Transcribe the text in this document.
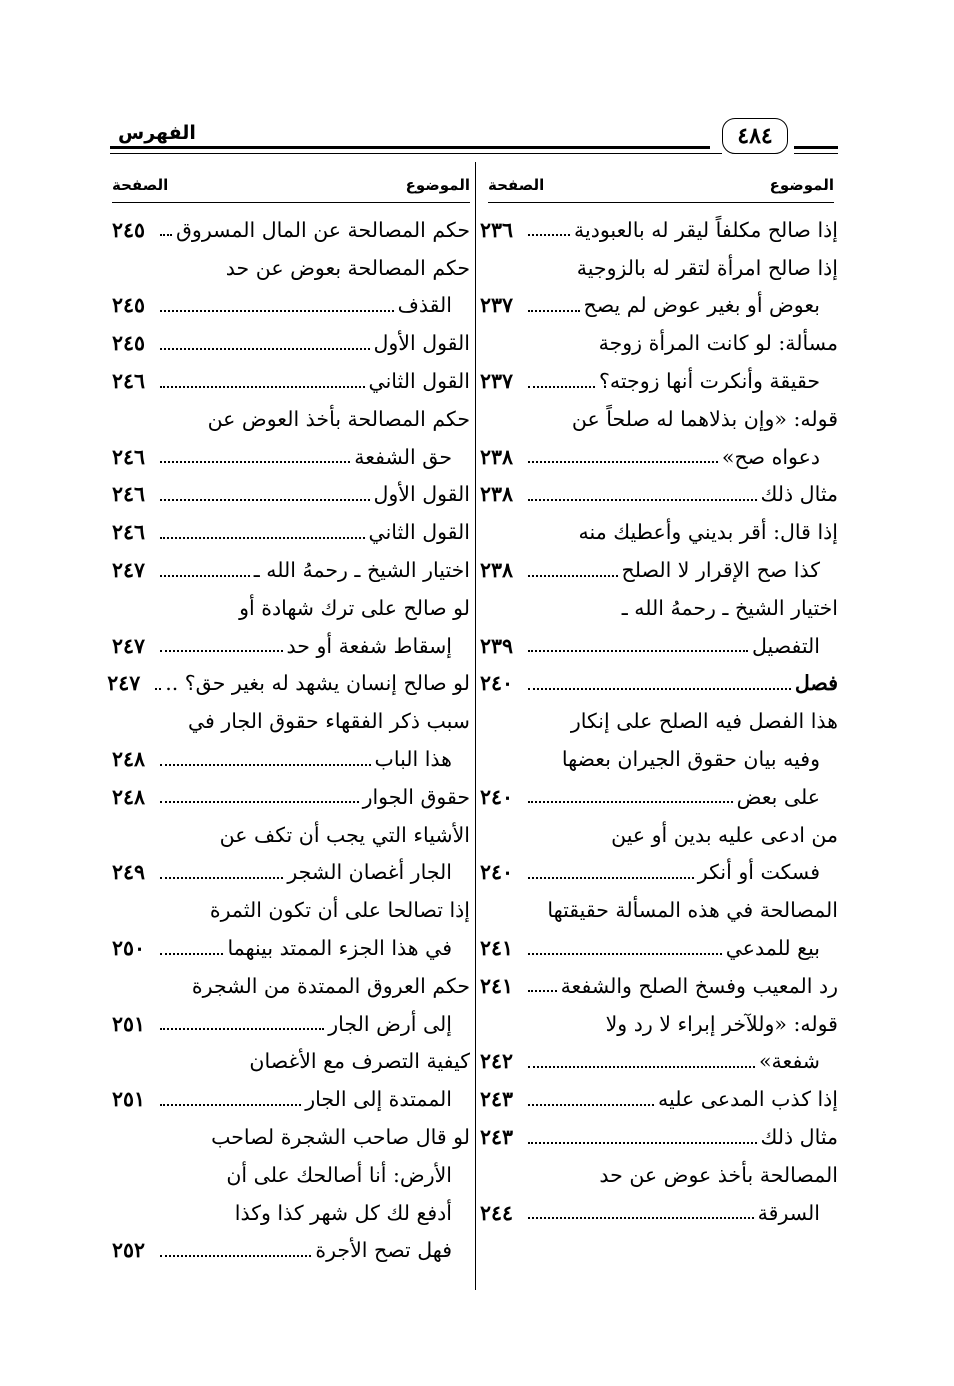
الفهرس	٤٨٤
الموضوع
الصفحة
إذا صالح مكلفاً ليقر له بالعبودية
٢٣٦
إذا صالح امرأة لتقر له بالزوجية
بعوض أو بغير عوض لم يصح
٢٣٧
مسألة: لو كانت المرأة زوجة
حقيقة وأنكرت أنها زوجته؟
٢٣٧
قوله: «وإن بذلاهما له صلحاً عن
دعواه صح»
٢٣٨
مثال ذلك
٢٣٨
إذا قال: أقر بديني وأعطيك منه
كذا صح الإقرار لا الصلح
٢٣٨
اختيار الشيخ ـ رحمهُ الله ـ
التفصيل
٢٣٩
فصل
٢٤٠
هذا الفصل فيه الصلح على إنكار
وفيه بيان حقوق الجيران بعضها
على بعض
٢٤٠
من ادعى عليه بدين أو عين
فسكت أو أنكر
٢٤٠
المصالحة في هذه المسألة حقيقتها
بيع للمدعي
٢٤١
رد المعيب وفسخ الصلح والشفعة
٢٤١
قوله: «وللآخر إبراء لا رد ولا
شفعة»
٢٤٢
إذا كذب المدعى عليه
٢٤٣
مثال ذلك
٢٤٣
المصالحة بأخذ عوض عن حد
السرقة
٢٤٤
الموضوع
الصفحة
حكم المصالحة عن المال المسروق
٢٤٥
حكم المصالحة بعوض عن حد
القذف
٢٤٥
القول الأول
٢٤٥
القول الثاني
٢٤٦
حكم المصالحة بأخذ العوض عن
حق الشفعة
٢٤٦
القول الأول
٢٤٦
القول الثاني
٢٤٦
اختيار الشيخ ـ رحمهُ الله ـ
٢٤٧
لو صالح على ترك شهادة أو
إسقاط شفعة أو حد
٢٤٧
لو صالح إنسان يشهد له بغير حق؟ ..
٢٤٧
سبب ذكر الفقهاء حقوق الجار في
هذا الباب
٢٤٨
حقوق الجوار
٢٤٨
الأشياء التي يجب أن تكف عن
الجار أغصان الشجر
٢٤٩
إذا تصالحا على أن تكون الثمرة
في هذا الجزء الممتد بينهما
٢٥٠
حكم العروق الممتدة من الشجرة
إلى أرض الجار
٢٥١
كيفية التصرف مع الأغصان
الممتدة إلى الجار
٢٥١
لو قال صاحب الشجرة لصاحب
الأرض: أنا أصالحك على أن
أدفع لك كل شهر كذا وكذا
فهل تصح الأجرة
٢٥٢
